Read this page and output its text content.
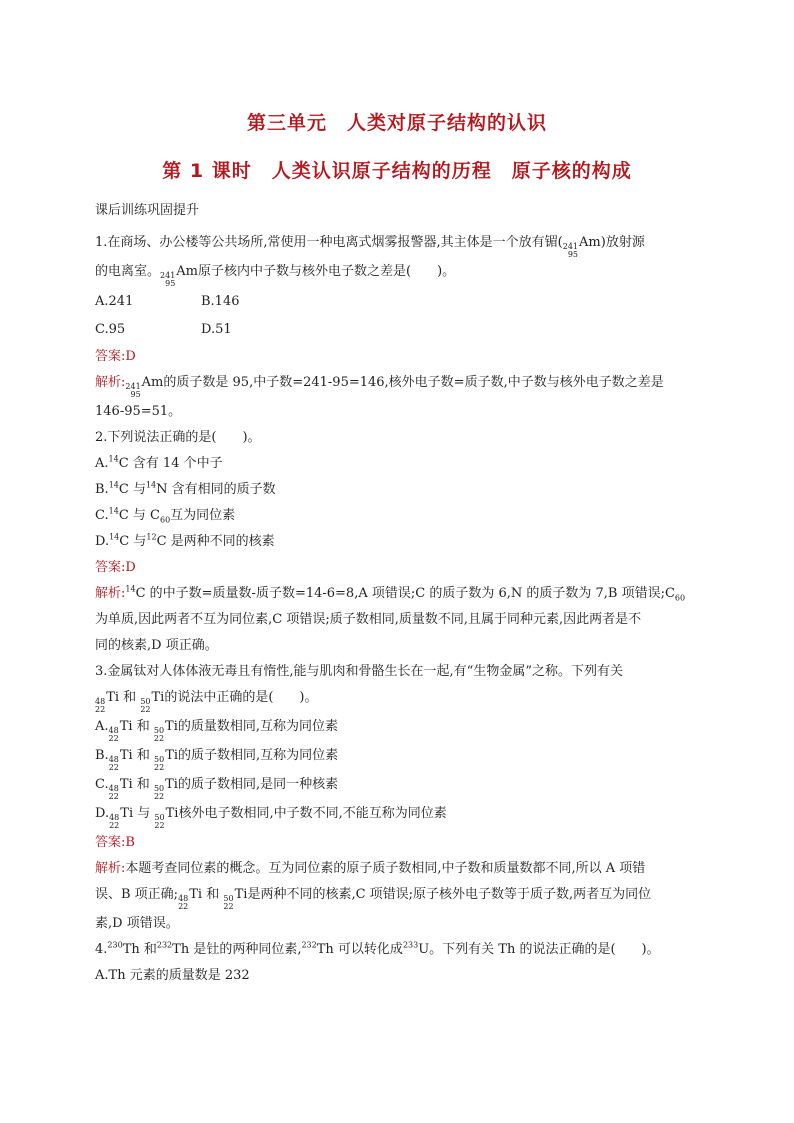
第三单元　人类对原子结构的认识
第 1 课时　人类认识原子结构的历程　原子核的构成
课后训练巩固提升
1.在商场、办公楼等公共场所,常使用一种电离式烟雾报警器,其主体是一个放有镅( 241
95
Am)放射源
的电离室。 241
95
Am原子核内中子数与核外电子数之差是(　　)。
A.241	B.146
C.95	D.51
答案:D
解析: 241
95
Am的质子数是 95,中子数=241-95=146,核外电子数=质子数,中子数与核外电子数之差是
146-95=51。
2.下列说法正确的是(　　)。
A.$^{14}$C 含有 14 个中子
B.$^{14}$C 与$^{14}$N 含有相同的质子数
C.$^{14}$C 与 $C_{60}$互为同位素
D.$^{14}$C 与$^{12}$C 是两种不同的核素
答案:D
解析:$^{14}$C 的中子数=质量数-质子数=14-6=8,A 项错误;C 的质子数为 6,N 的质子数为 7,B 项错误$;C_{60}$
为单质,因此两者不互为同位素,C 项错误;质子数相同,质量数不同,且属于同种元素,因此两者是不
同的核素,D 项正确。
3.金属钛对人体体液无毒且有惰性,能与肌肉和骨骼生长在一起,有“生物金属”之称。下列有关
48
22
Ti 和 50
22
Ti的说法中正确的是(　　)。
A. 48
22
Ti 和 50
22
Ti的质量数相同,互称为同位素
B. 48
22
Ti 和 50
22
Ti的质子数相同,互称为同位素
C. 48
22
Ti 和 50
22
Ti的质子数相同,是同一种核素
D. 48
22
Ti 与 50
22
Ti核外电子数相同,中子数不同,不能互称为同位素
答案:B
解析:本题考查同位素的概念。互为同位素的原子质子数相同,中子数和质量数都不同,所以 A 项错
误、B 项正确; 48
22
Ti 和 50
22
Ti是两种不同的核素,C 项错误;原子核外电子数等于质子数,两者互为同位
素,D 项错误。
4.$^{230}$Th 和$^{232}$Th 是钍的两种同位素,$^{232}$Th 可以转化成$^{233}$U。下列有关 Th 的说法正确的是(　　)。
A.Th 元素的质量数是 232
